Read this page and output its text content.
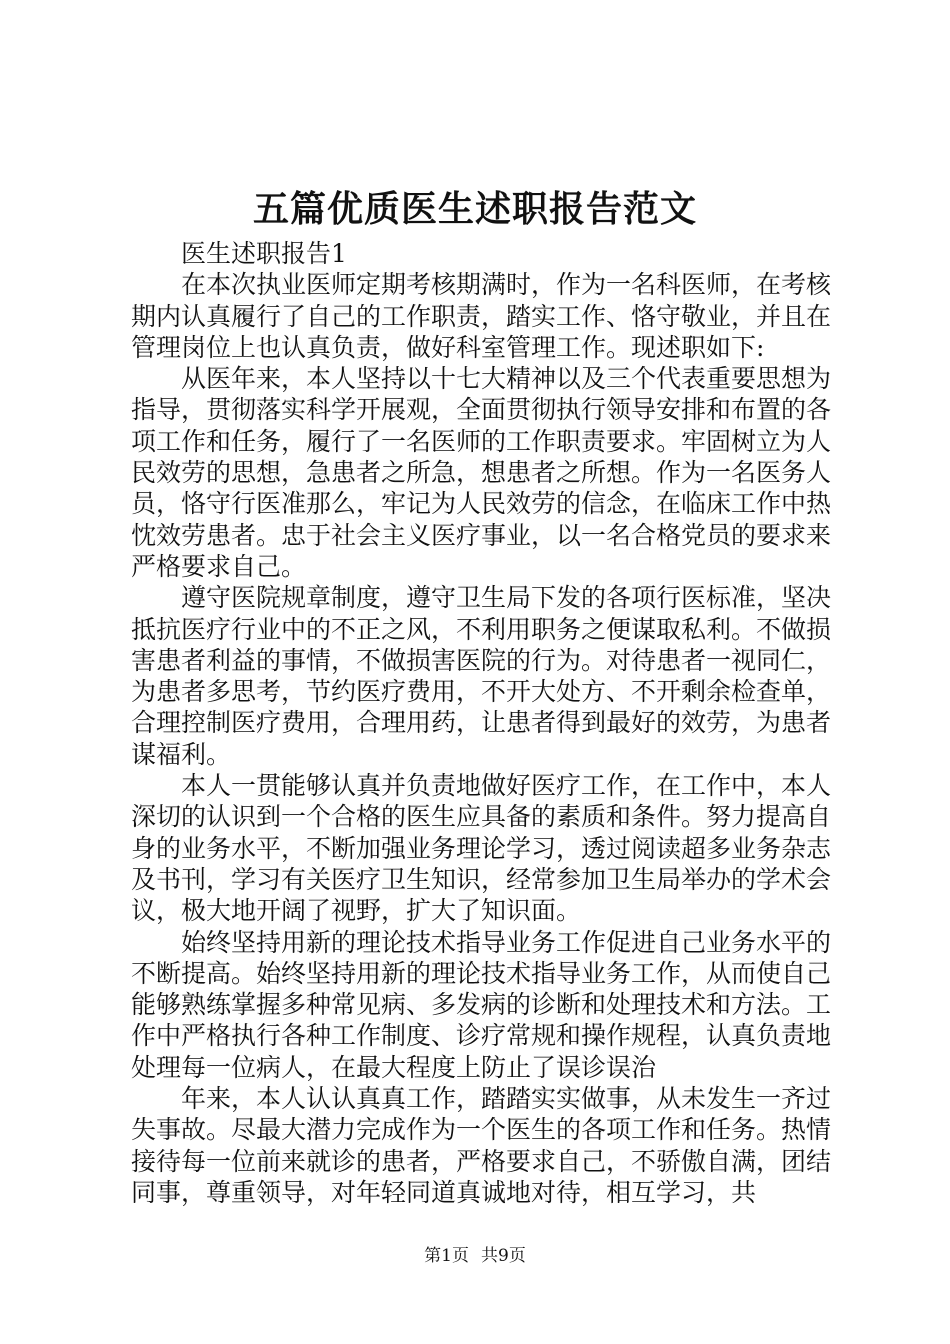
五篇优质医生述职报告范文

医生述职报告1

在本次执业医师定期考核期满时，作为一名科医师，在考核期内认真履行了自己的工作职责，踏实工作、恪守敬业，并且在管理岗位上也认真负责，做好科室管理工作。现述职如下:

从医年来，本人坚持以十七大精神以及三个代表重要思想为指导，贯彻落实科学开展观，全面贯彻执行领导安排和布置的各项工作和任务，履行了一名医师的工作职责要求。牢固树立为人民效劳的思想，急患者之所急，想患者之所想。作为一名医务人员，恪守行医准那么，牢记为人民效劳的信念，在临床工作中热忱效劳患者。忠于社会主义医疗事业，以一名合格党员的要求来严格要求自己。

遵守医院规章制度，遵守卫生局下发的各项行医标准，坚决抵抗医疗行业中的不正之风，不利用职务之便谋取私利。不做损害患者利益的事情，不做损害医院的行为。对待患者一视同仁，为患者多思考，节约医疗费用，不开大处方、不开剩余检查单，合理控制医疗费用，合理用药，让患者得到最好的效劳，为患者谋福利。

本人一贯能够认真并负责地做好医疗工作，在工作中，本人深切的认识到一个合格的医生应具备的素质和条件。努力提高自身的业务水平，不断加强业务理论学习，透过阅读超多业务杂志及书刊，学习有关医疗卫生知识，经常参加卫生局举办的学术会议，极大地开阔了视野，扩大了知识面。

始终坚持用新的理论技术指导业务工作促进自己业务水平的不断提高。始终坚持用新的理论技术指导业务工作，从而使自己能够熟练掌握多种常见病、多发病的诊断和处理技术和方法。工作中严格执行各种工作制度、诊疗常规和操作规程，认真负责地处理每一位病人，在最大程度上防止了误诊误治

年来，本人认认真真工作，踏踏实实做事，从未发生一齐过失事故。尽最大潜力完成作为一个医生的各项工作和任务。热情接待每一位前来就诊的患者，严格要求自己，不骄傲自满，团结同事，尊重领导，对年轻同道真诚地对待，相互学习，共

第1页 共9页
